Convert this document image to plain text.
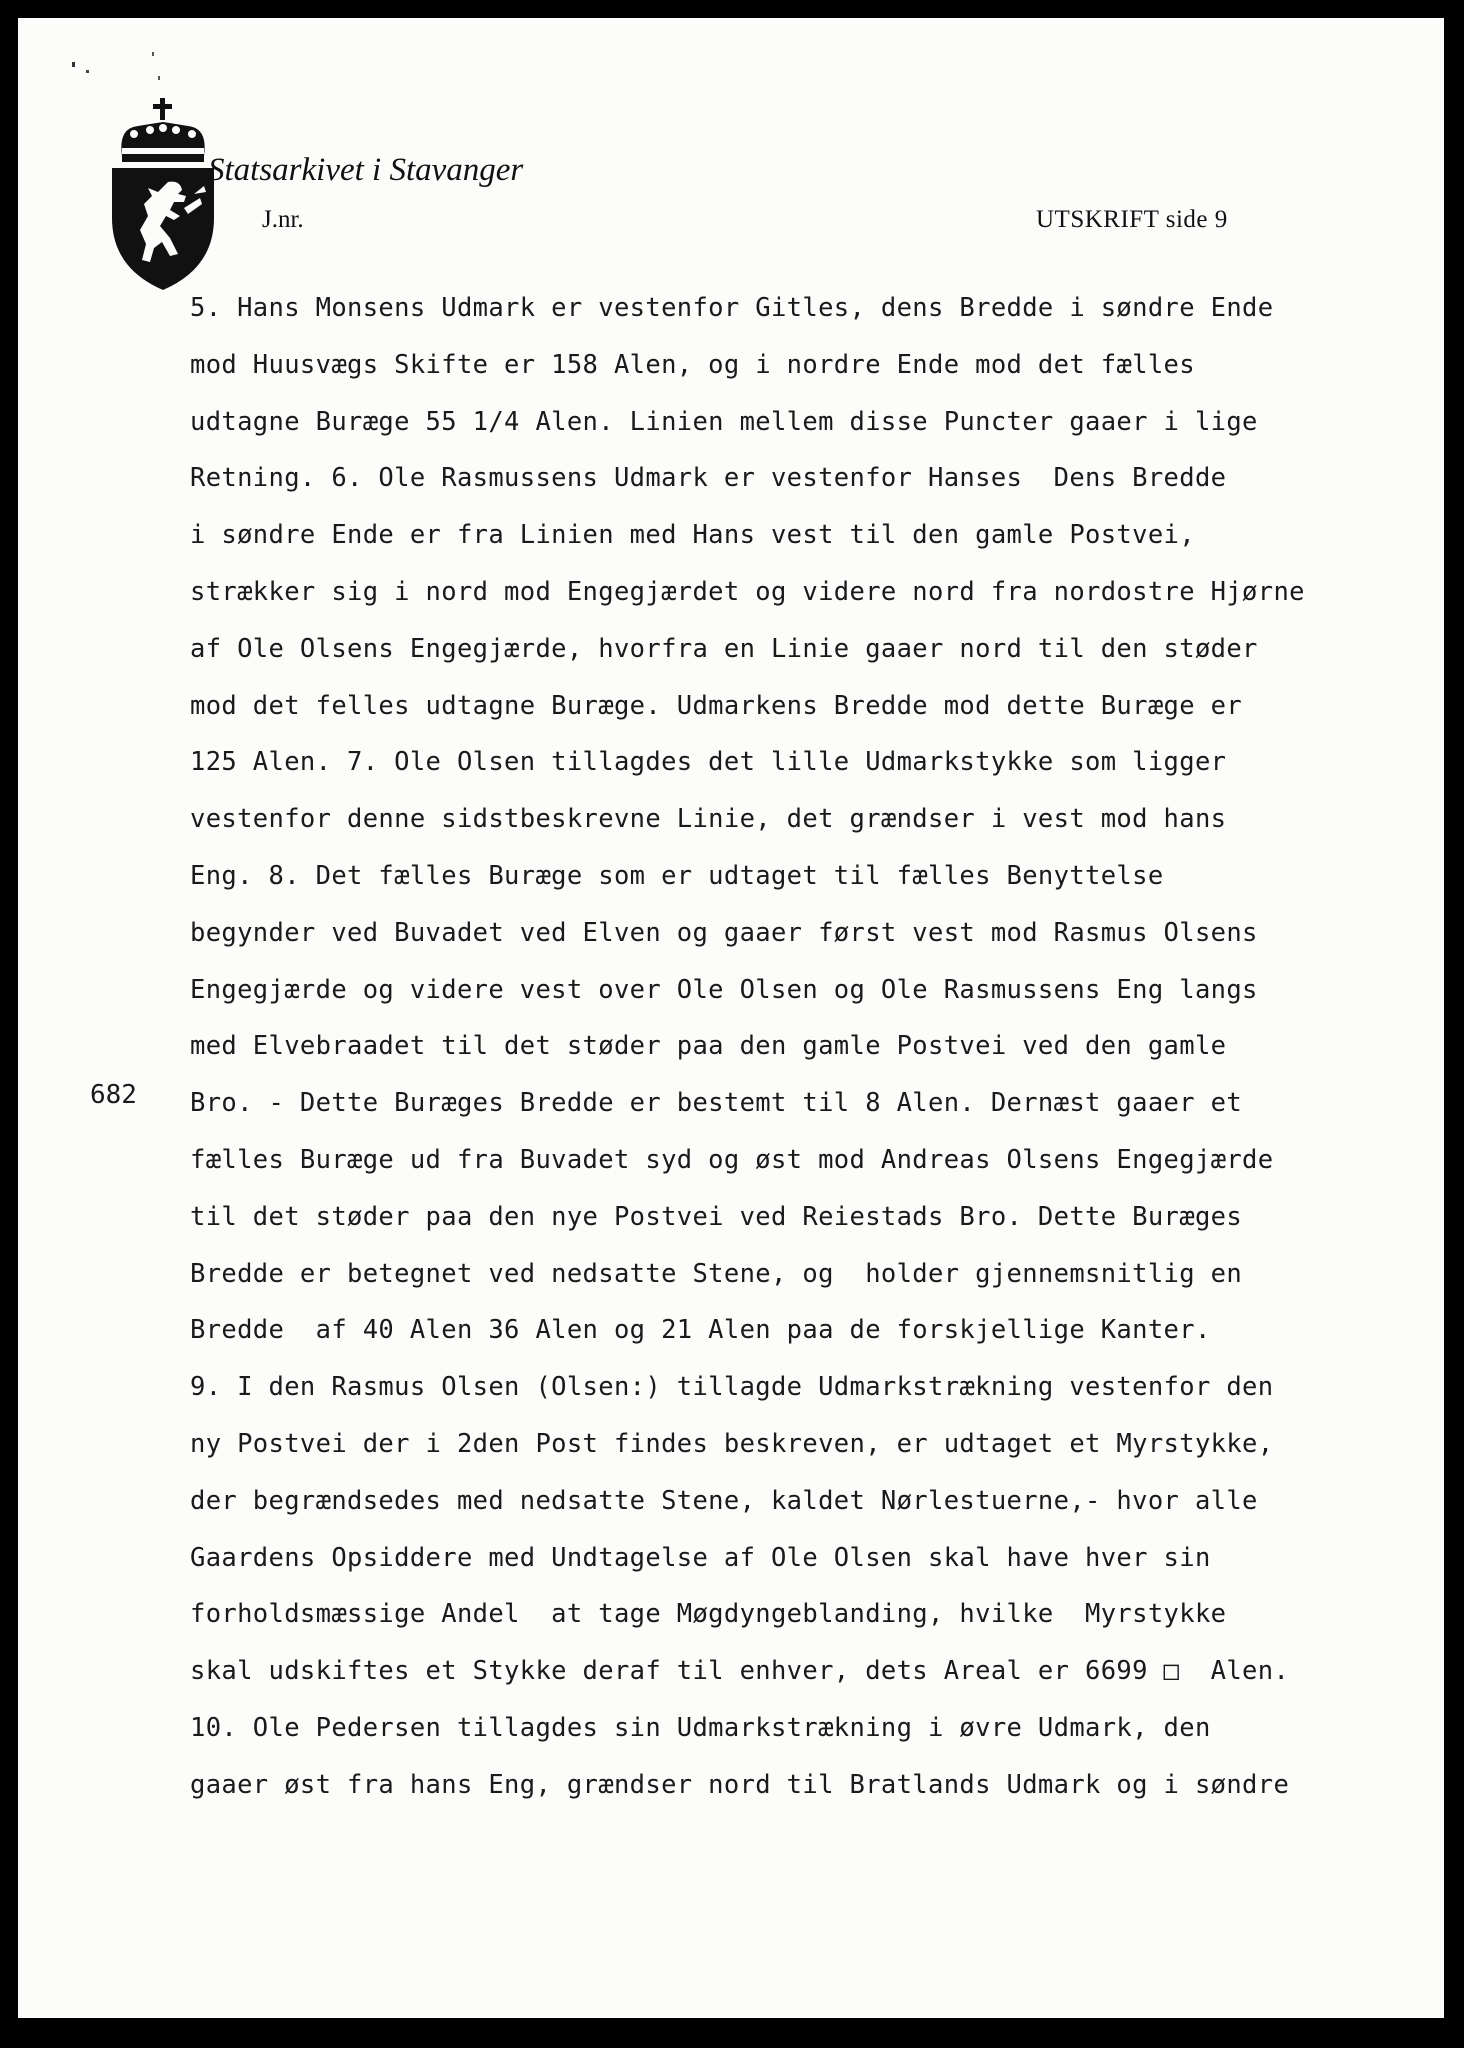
Statsarkivet i Stavanger
J.nr.	UTSKRIFT side 9
682
5. Hans Monsens Udmark er vestenfor Gitles, dens Bredde i søndre Ende
mod Huusvægs Skifte er 158 Alen, og i nordre Ende mod det fælles
udtagne Buræge 55 1/4 Alen. Linien mellem disse Puncter gaaer i lige
Retning. 6. Ole Rasmussens Udmark er vestenfor Hanses  Dens Bredde
i søndre Ende er fra Linien med Hans vest til den gamle Postvei,
strækker sig i nord mod Engegjærdet og videre nord fra nordostre Hjørne
af Ole Olsens Engegjærde, hvorfra en Linie gaaer nord til den støder
mod det felles udtagne Buræge. Udmarkens Bredde mod dette Buræge er
125 Alen. 7. Ole Olsen tillagdes det lille Udmarkstykke som ligger
vestenfor denne sidstbeskrevne Linie, det grændser i vest mod hans
Eng. 8. Det fælles Buræge som er udtaget til fælles Benyttelse
begynder ved Buvadet ved Elven og gaaer først vest mod Rasmus Olsens
Engegjærde og videre vest over Ole Olsen og Ole Rasmussens Eng langs
med Elvebraadet til det støder paa den gamle Postvei ved den gamle
Bro. - Dette Buræges Bredde er bestemt til 8 Alen. Dernæst gaaer et
fælles Buræge ud fra Buvadet syd og øst mod Andreas Olsens Engegjærde
til det støder paa den nye Postvei ved Reiestads Bro. Dette Buræges
Bredde er betegnet ved nedsatte Stene, og  holder gjennemsnitlig en
Bredde  af 40 Alen 36 Alen og 21 Alen paa de forskjellige Kanter.
9. I den Rasmus Olsen (Olsen:) tillagde Udmarkstrækning vestenfor den
ny Postvei der i 2den Post findes beskreven, er udtaget et Myrstykke,
der begrændsedes med nedsatte Stene, kaldet Nørlestuerne,- hvor alle
Gaardens Opsiddere med Undtagelse af Ole Olsen skal have hver sin
forholdsmæssige Andel  at tage Møgdyngeblanding, hvilke  Myrstykke
skal udskiftes et Stykke deraf til enhver, dets Areal er 6699 □  Alen.
10. Ole Pedersen tillagdes sin Udmarkstrækning i øvre Udmark, den
gaaer øst fra hans Eng, grændser nord til Bratlands Udmark og i søndre
